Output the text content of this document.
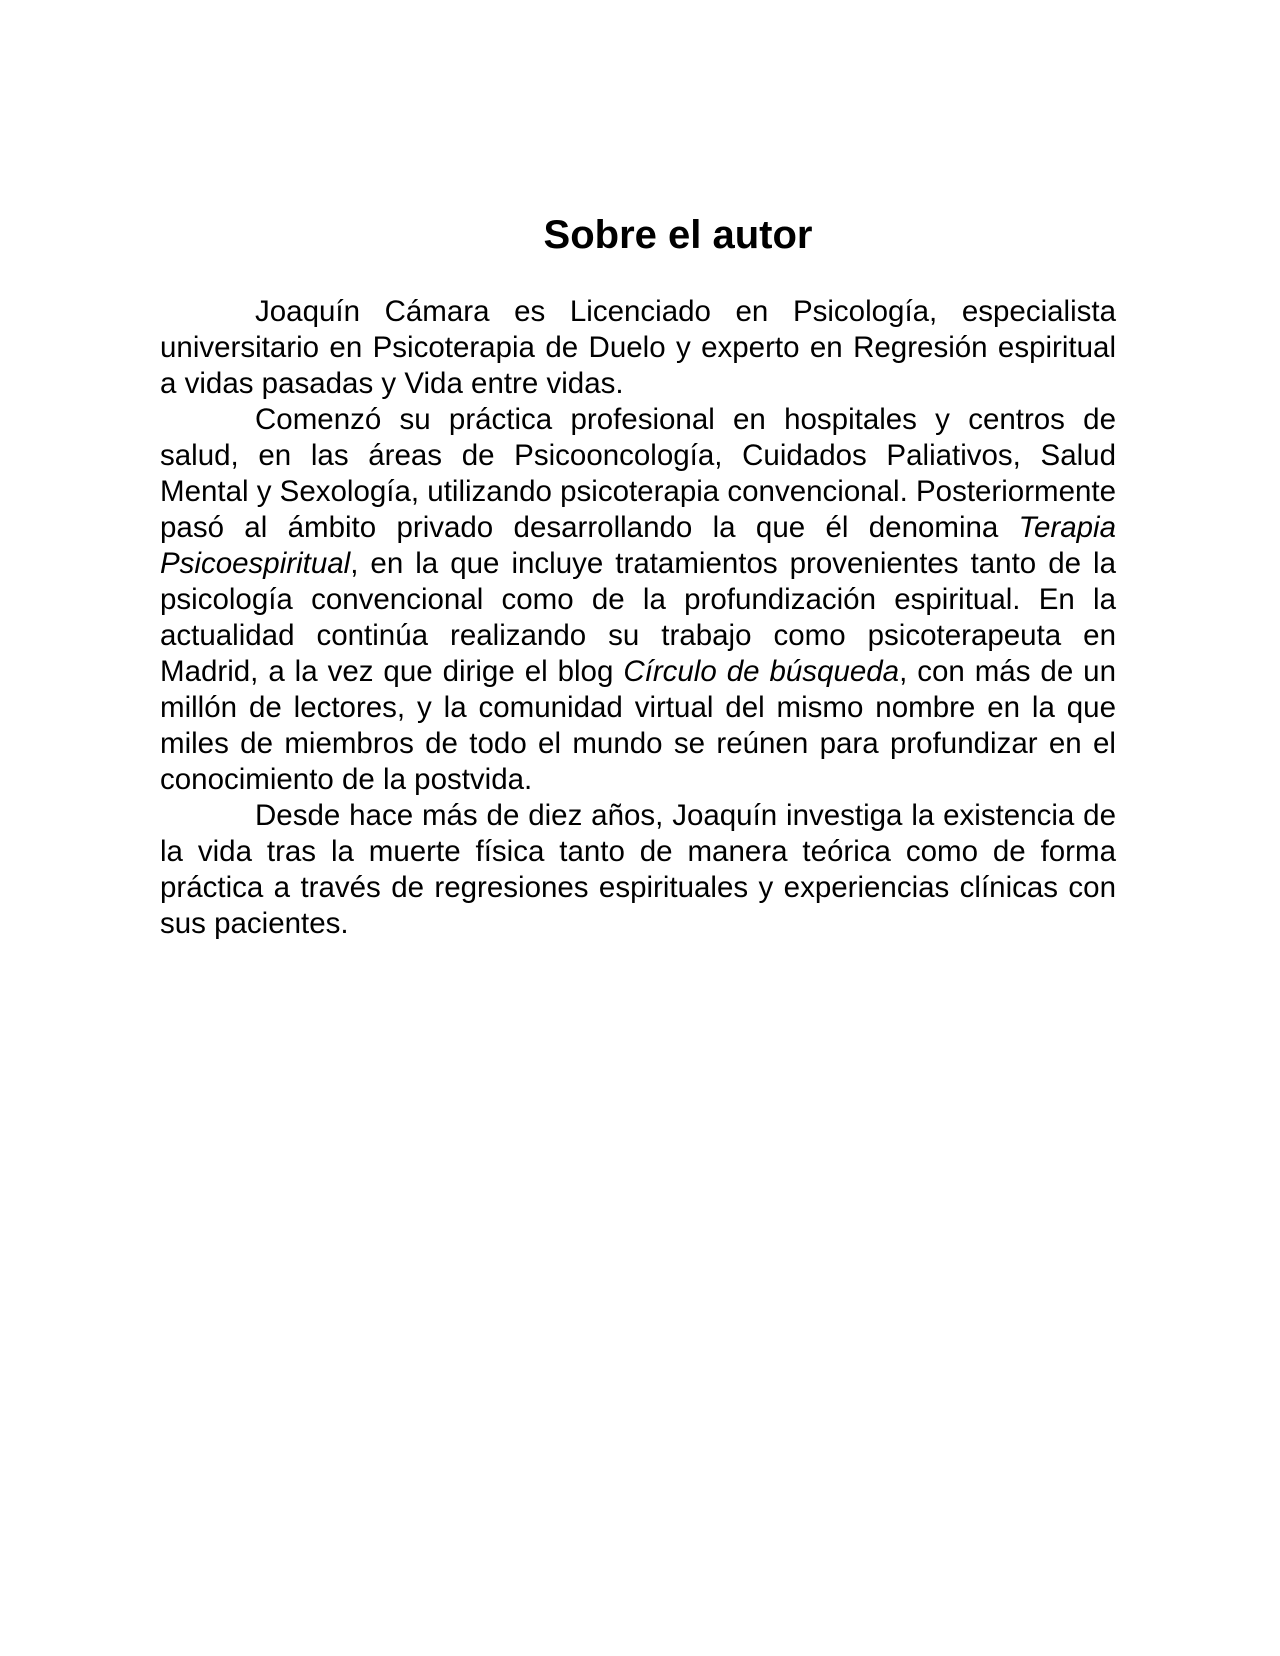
Sobre el autor

Joaquín Cámara es Licenciado en Psicología, especialista universitario en Psicoterapia de Duelo y experto en Regresión espiritual a vidas pasadas y Vida entre vidas.

Comenzó su práctica profesional en hospitales y centros de salud, en las áreas de Psicooncología, Cuidados Paliativos, Salud Mental y Sexología, utilizando psicoterapia convencional. Posteriormente pasó al ámbito privado desarrollando la que él denomina Terapia Psicoespiritual, en la que incluye tratamientos provenientes tanto de la psicología convencional como de la profundización espiritual. En la actualidad continúa realizando su trabajo como psicoterapeuta en Madrid, a la vez que dirige el blog Círculo de búsqueda, con más de un millón de lectores, y la comunidad virtual del mismo nombre en la que miles de miembros de todo el mundo se reúnen para profundizar en el conocimiento de la postvida.

Desde hace más de diez años, Joaquín investiga la existencia de la vida tras la muerte física tanto de manera teórica como de forma práctica a través de regresiones espirituales y experiencias clínicas con sus pacientes.
